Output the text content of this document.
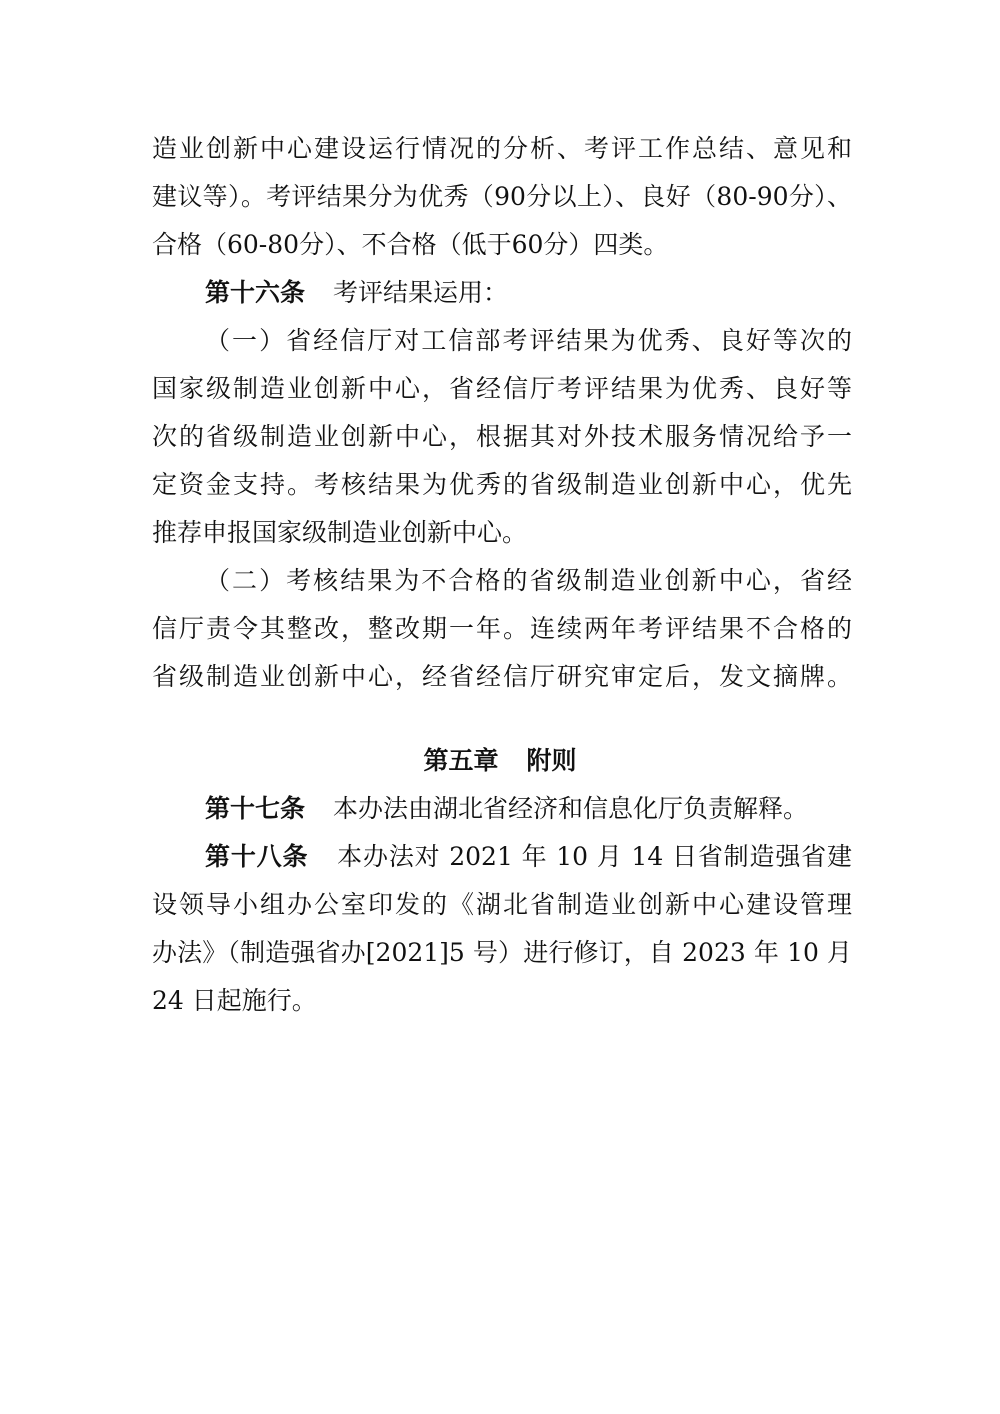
造业创新中心建设运行情况的分析、考评工作总结、意见和
建议等）。考评结果分为优秀（90分以上）、良好（80-90分）、
合格（60-80分）、不合格（低于60分）四类。
第十六条 考评结果运用：
（一）省经信厅对工信部考评结果为优秀、良好等次的
国家级制造业创新中心，省经信厅考评结果为优秀、良好等
次的省级制造业创新中心，根据其对外技术服务情况给予一
定资金支持。考核结果为优秀的省级制造业创新中心，优先
推荐申报国家级制造业创新中心。
（二）考核结果为不合格的省级制造业创新中心，省经
信厅责令其整改，整改期一年。连续两年考评结果不合格的
省级制造业创新中心，经省经信厅研究审定后，发文摘牌。
第五章 附则
第十七条 本办法由湖北省经济和信息化厅负责解释。
第十八条 本办法对 2021 年 10 月 14 日省制造强省建
设领导小组办公室印发的《湖北省制造业创新中心建设管理
办法》（制造强省办[2021]5 号）进行修订，自 2023 年 10 月
24 日起施行。
